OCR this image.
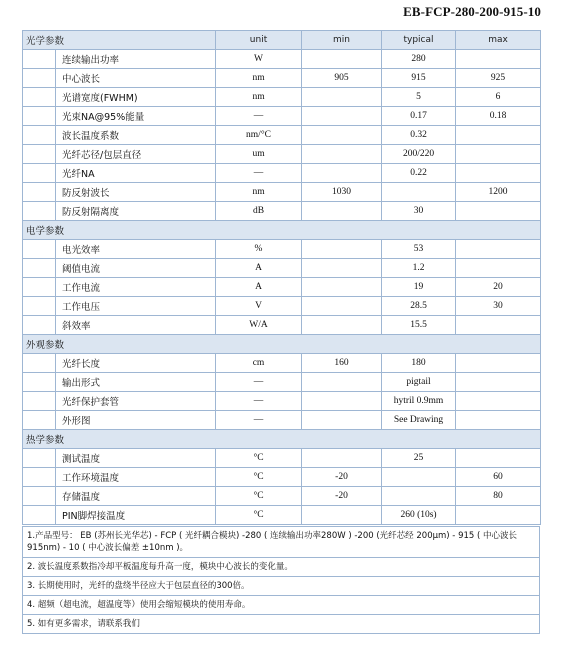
EB-FCP-280-200-915-10
光学参数		unit	min	typical	max
	连续输出功率	W		280	
	中心波长	nm	905	915	925
	光谱宽度(FWHM)	nm		5	6
	光束NA@95%能量	—		0.17	0.18
	波长温度系数	nm/°C		0.32	
	光纤芯径/包层直径	um		200/220	
	光纤NA	—		0.22	
	防反射波长	nm	1030		1200
	防反射隔离度	dB		30	
电学参数					
	电光效率	%		53	
	阈值电流	A		1.2	
	工作电流	A		19	20
	工作电压	V		28.5	30
	斜效率	W/A		15.5	
外观参数					
	光纤长度	cm	160	180	
	输出形式	—		pigtail	
	光纤保护套管	—		hytril 0.9mm	
	外形图	—		See Drawing	
热学参数					
	测试温度	°C		25	
	工作环境温度	°C	-20		60
	存储温度	°C	-20		80
	PIN脚焊接温度	°C		260 (10s)	
1.产品型号： EB (苏州长光华芯) - FCP ( 光纤耦合模块) -280 ( 连续输出功率280W ) -200 (光纤芯经 200μm) - 915 ( 中心波长 915nm) - 10 ( 中心波长偏差 ±10nm )。
2. 波长温度系数指冷却平板温度每升高一度，模块中心波长的变化量。
3. 长期使用时，光纤的盘绕半径应大于包层直径的300倍。
4. 超频（超电流，超温度等）使用会缩短模块的使用寿命。
5. 如有更多需求，请联系我们
